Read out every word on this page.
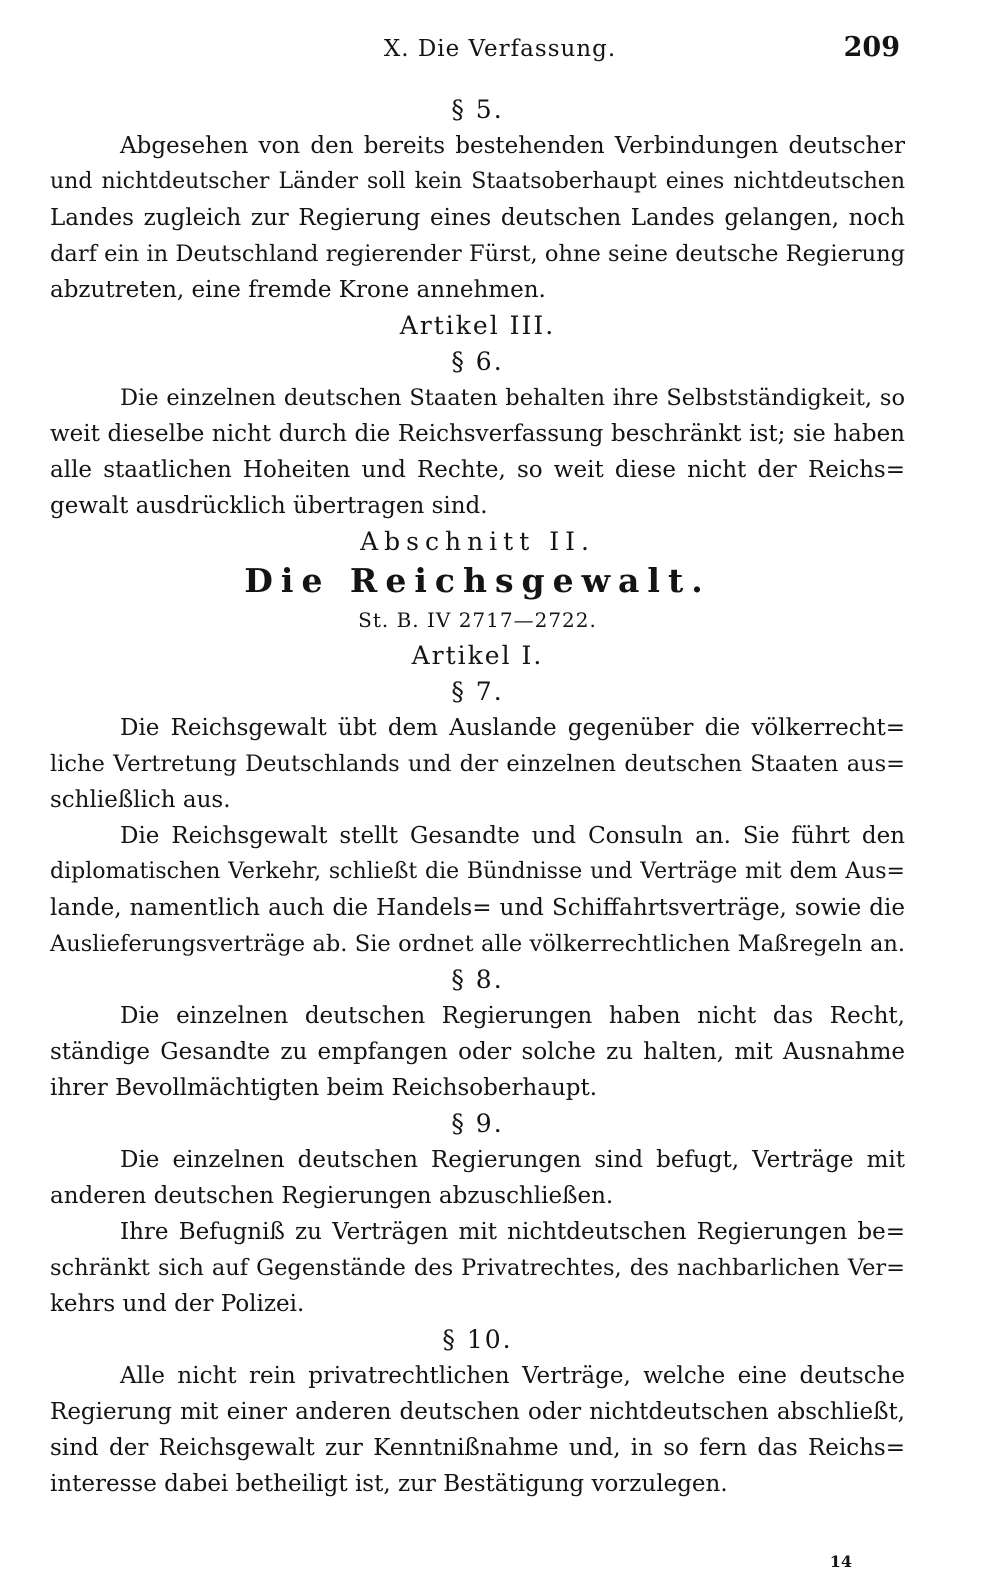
X. Die Verfassung.	209
§ 5.
Abgesehen von den bereits bestehenden Verbindungen deutscher
und nichtdeutscher Länder soll kein Staatsoberhaupt eines nichtdeutschen
Landes zugleich zur Regierung eines deutschen Landes gelangen, noch
darf ein in Deutschland regierender Fürst, ohne seine deutsche Regierung
abzutreten, eine fremde Krone annehmen.
Artikel III.
§ 6.
Die einzelnen deutschen Staaten behalten ihre Selbstständigkeit, so
weit dieselbe nicht durch die Reichsverfassung beschränkt ist; sie haben
alle staatlichen Hoheiten und Rechte, so weit diese nicht der Reichs=
gewalt ausdrücklich übertragen sind.
Abschnitt II.
Die Reichsgewalt.
St. B. IV 2717—2722.
Artikel I.
§ 7.
Die Reichsgewalt übt dem Auslande gegenüber die völkerrecht=
liche Vertretung Deutschlands und der einzelnen deutschen Staaten aus=
schließlich aus.
Die Reichsgewalt stellt Gesandte und Consuln an. Sie führt den
diplomatischen Verkehr, schließt die Bündnisse und Verträge mit dem Aus=
lande, namentlich auch die Handels= und Schiffahrtsverträge, sowie die
Auslieferungsverträge ab. Sie ordnet alle völkerrechtlichen Maßregeln an.
§ 8.
Die einzelnen deutschen Regierungen haben nicht das Recht,
ständige Gesandte zu empfangen oder solche zu halten, mit Ausnahme
ihrer Bevollmächtigten beim Reichsoberhaupt.
§ 9.
Die einzelnen deutschen Regierungen sind befugt, Verträge mit
anderen deutschen Regierungen abzuschließen.
Ihre Befugniß zu Verträgen mit nichtdeutschen Regierungen be=
schränkt sich auf Gegenstände des Privatrechtes, des nachbarlichen Ver=
kehrs und der Polizei.
§ 10.
Alle nicht rein privatrechtlichen Verträge, welche eine deutsche
Regierung mit einer anderen deutschen oder nichtdeutschen abschließt,
sind der Reichsgewalt zur Kenntnißnahme und, in so fern das Reichs=
interesse dabei betheiligt ist, zur Bestätigung vorzulegen.
14
